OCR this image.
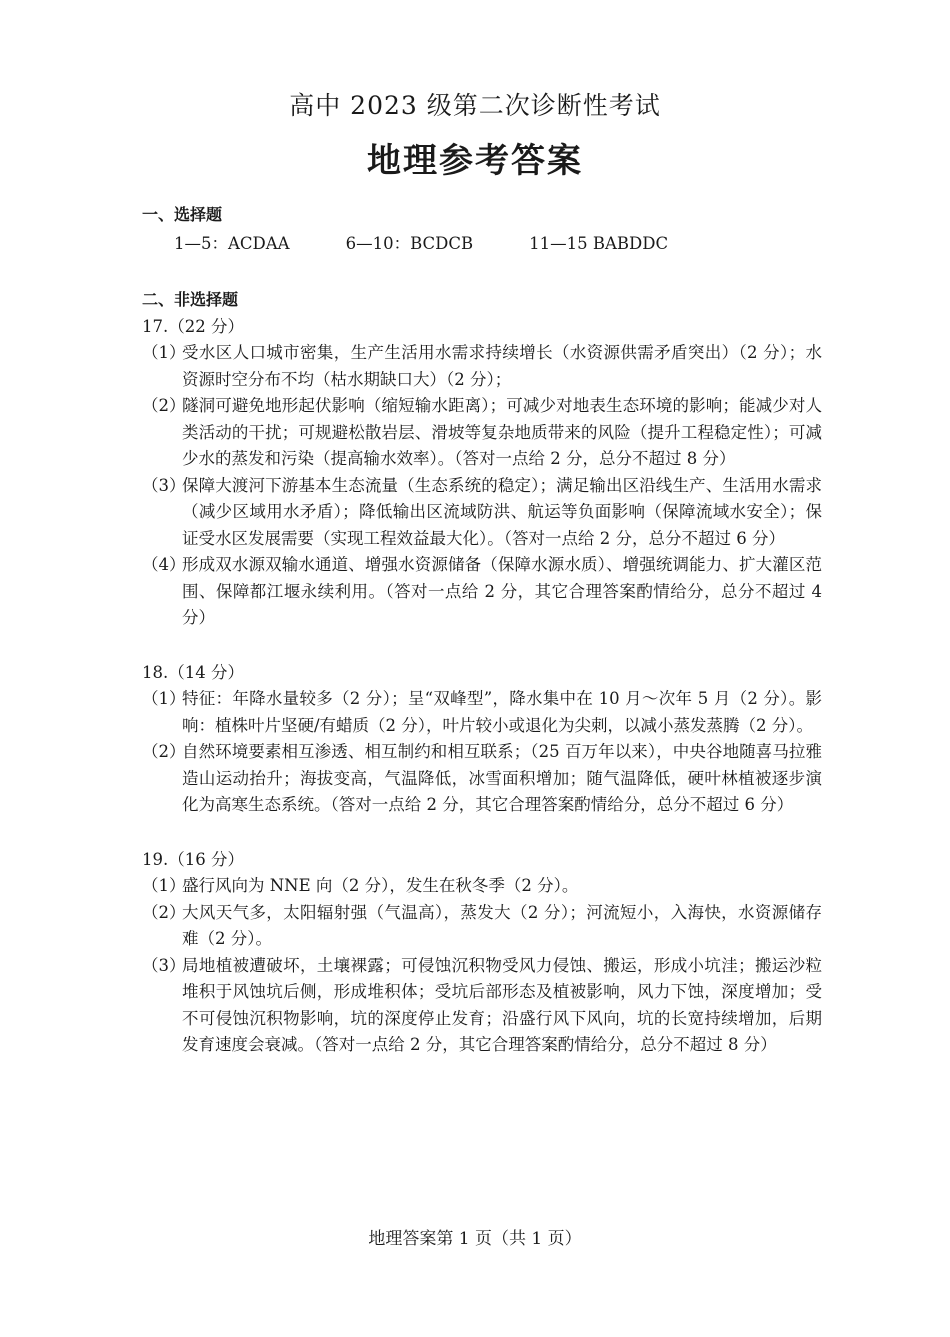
高中 2023 级第二次诊断性考试
地理参考答案
一、选择题
1—5：ACDAA	6—10：BCDCB	11—15 BABDDC
二、非选择题
17.（22 分）
（1）
受水区人口城市密集，生产生活用水需求持续增长（水资源供需矛盾突出）（2 分）；水资源时空分布不均（枯水期缺口大）（2 分）；
（2）
隧洞可避免地形起伏影响（缩短输水距离）；可减少对地表生态环境的影响；能减少对人类活动的干扰；可规避松散岩层、滑坡等复杂地质带来的风险（提升工程稳定性）；可减少水的蒸发和污染（提高输水效率）。（答对一点给 2 分，总分不超过 8 分）
（3）
保障大渡河下游基本生态流量（生态系统的稳定）；满足输出区沿线生产、生活用水需求（减少区域用水矛盾）；降低输出区流域防洪、航运等负面影响（保障流域水安全）；保证受水区发展需要（实现工程效益最大化）。（答对一点给 2 分，总分不超过 6 分）
（4）
形成双水源双输水通道、增强水资源储备（保障水源水质）、增强统调能力、扩大灌区范围、保障都江堰永续利用。（答对一点给 2 分，其它合理答案酌情给分，总分不超过 4 分）
18.（14 分）
（1）
特征：年降水量较多（2 分）；呈“双峰型”，降水集中在 10 月～次年 5 月（2 分）。影响：植株叶片坚硬/有蜡质（2 分），叶片较小或退化为尖刺，以减小蒸发蒸腾（2 分）。
（2）
自然环境要素相互渗透、相互制约和相互联系；（25 百万年以来），中央谷地随喜马拉雅造山运动抬升；海拔变高，气温降低，冰雪面积增加；随气温降低，硬叶林植被逐步演化为高寒生态系统。（答对一点给 2 分，其它合理答案酌情给分，总分不超过 6 分）
19.（16 分）
（1）
盛行风向为 NNE 向（2 分），发生在秋冬季（2 分）。
（2）
大风天气多，太阳辐射强（气温高），蒸发大（2 分）；河流短小，入海快，水资源储存难（2 分）。
（3）
局地植被遭破坏，土壤裸露；可侵蚀沉积物受风力侵蚀、搬运，形成小坑洼；搬运沙粒堆积于风蚀坑后侧，形成堆积体；受坑后部形态及植被影响，风力下蚀，深度增加；受不可侵蚀沉积物影响，坑的深度停止发育；沿盛行风下风向，坑的长宽持续增加，后期发育速度会衰减。（答对一点给 2 分，其它合理答案酌情给分，总分不超过 8 分）
地理答案第 1 页（共 1 页）
